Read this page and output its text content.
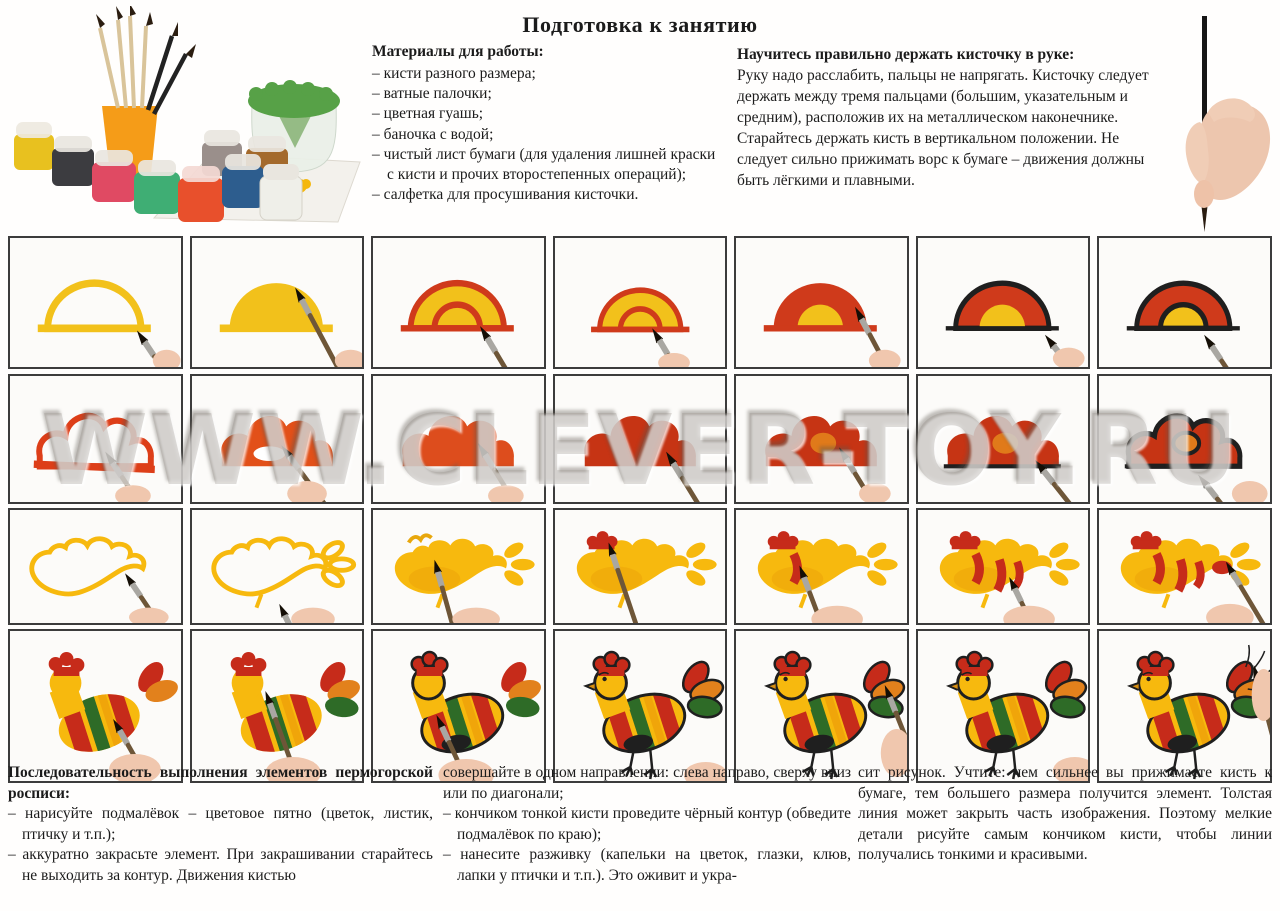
Подготовка к занятию
Материалы для работы:
– кисти разного размера;
– ватные палочки;
– цветная гуашь;
– баночка с водой;
– чистый лист бумаги (для удаления лишней краски с кисти и прочих второстепенных операций);
– салфетка для просушивания кисточки.
Научитесь правильно держать кисточку в руке:
Руку надо расслабить, пальцы не напрягать. Кисточку следует держать между тремя пальцами (большим, указательным и средним), расположив их на металлическом наконечнике. Старайтесь держать кисть в вертикальном положении. Не следует сильно прижимать ворс к бумаге – движения должны быть лёгкими и плавными.
WWW.CLEVER-TOY.RU
Последовательность выполнения элементов пермогорской росписи:
– нарисуйте подмалёвок – цветовое пятно (цветок, листик, птичку и т.п.);
– аккуратно закрасьте элемент. При закрашивании старайтесь не выходить за контур. Движения кистью
совершайте в одном направлении: слева направо, сверху вниз или по диагонали;
– кончиком тонкой кисти проведите чёрный контур (обведите подмалёвок по краю);
– нанесите разживку (капельки на цветок, глазки, клюв, лапки у птички и т.п.). Это оживит и укра-
сит рисунок. Учтите: чем сильнее вы прижимаете кисть к бумаге, тем большего размера получится элемент. Толстая линия может закрыть часть изображения. Поэтому мелкие детали рисуйте самым кончиком кисти, чтобы линии получались тонкими и красивыми.
